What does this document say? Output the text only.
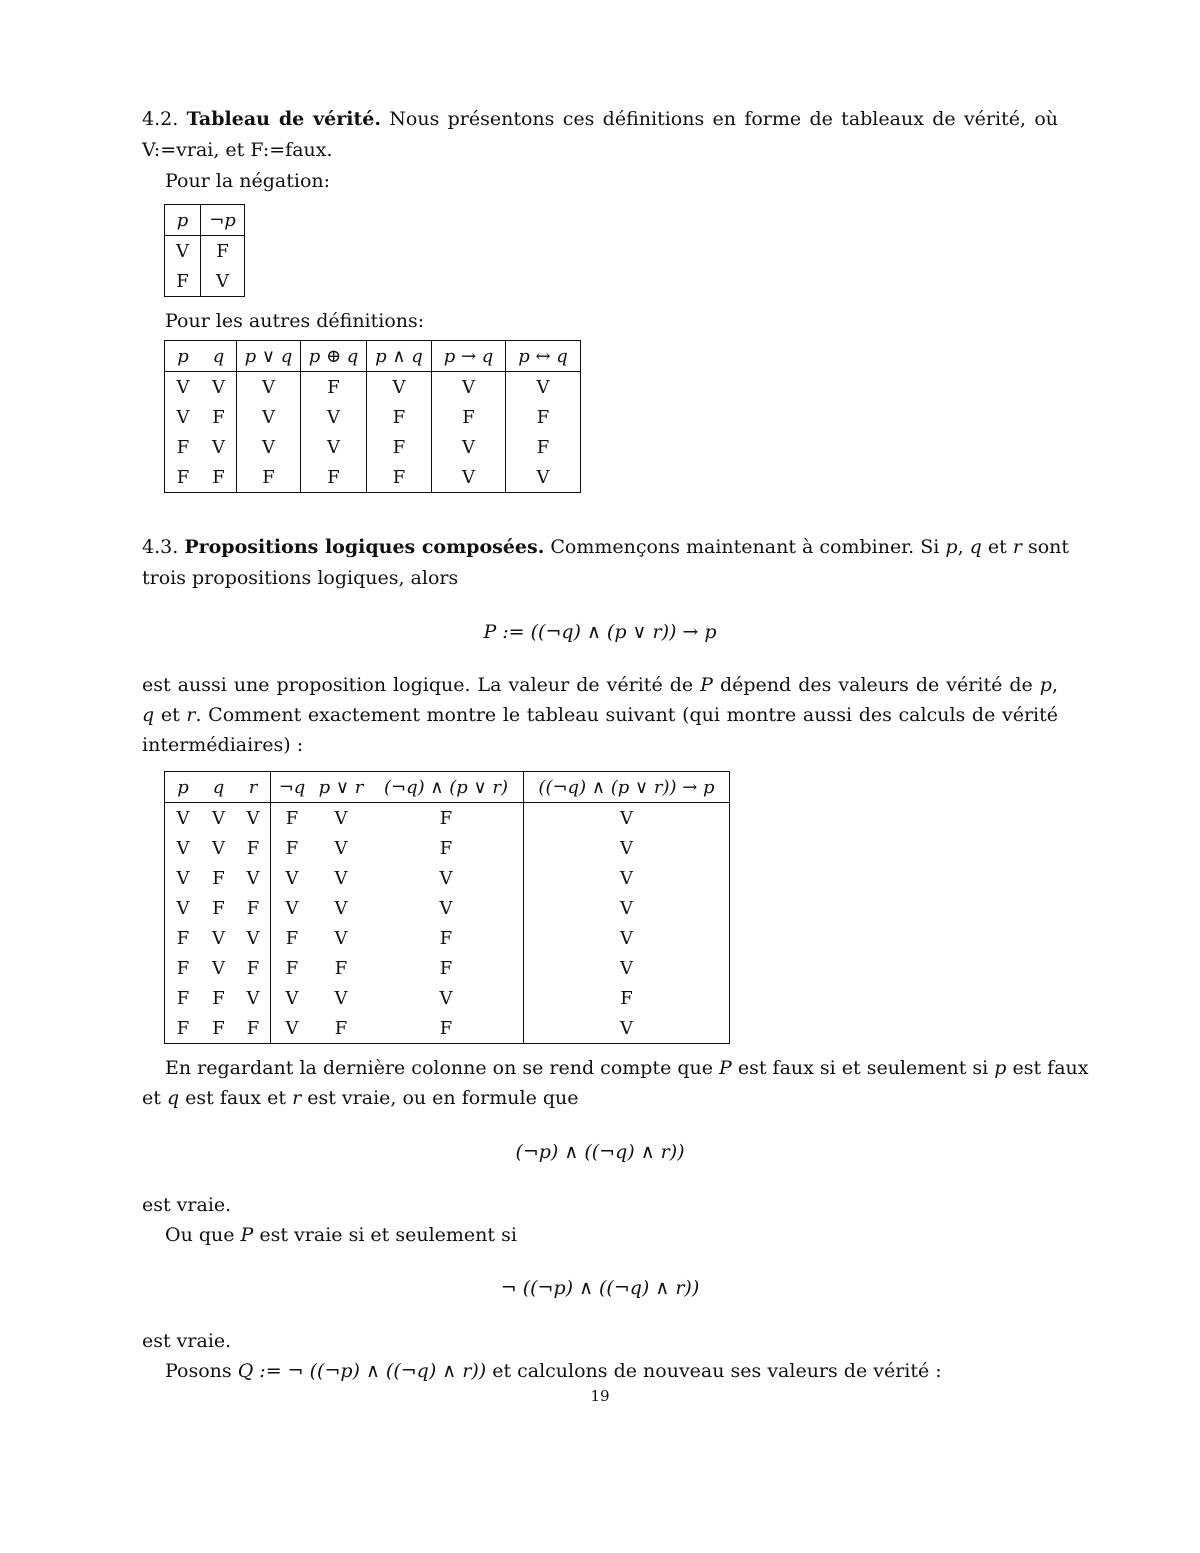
4.2. Tableau de vérité. Nous présentons ces définitions en forme de tableaux de vérité, où
V:=vrai, et F:=faux.
Pour la négation:
p	¬p
V	F
F	V
Pour les autres définitions:
p	q	p ∨ q	p ⊕ q	p ∧ q	p → q	p ↔ q
V	V	V	F	V	V	V
V	F	V	V	F	F	F
F	V	V	V	F	V	F
F	F	F	F	F	V	V
4.3. Propositions logiques composées. Commençons maintenant à combiner. Si p, q et r sont
trois propositions logiques, alors
P := ((¬q) ∧ (p ∨ r)) → p
est aussi une proposition logique. La valeur de vérité de P dépend des valeurs de vérité de p,
q et r. Comment exactement montre le tableau suivant (qui montre aussi des calculs de vérité
intermédiaires) :
p	q	r	¬q	p ∨ r	(¬q) ∧ (p ∨ r)	((¬q) ∧ (p ∨ r)) → p
V	V	V	F	V	F	V
V	V	F	F	V	F	V
V	F	V	V	V	V	V
V	F	F	V	V	V	V
F	V	V	F	V	F	V
F	V	F	F	F	F	V
F	F	V	V	V	V	F
F	F	F	V	F	F	V
En regardant la dernière colonne on se rend compte que P est faux si et seulement si p est faux
et q est faux et r est vraie, ou en formule que
(¬p) ∧ ((¬q) ∧ r))
est vraie.
Ou que P est vraie si et seulement si
¬ ((¬p) ∧ ((¬q) ∧ r))
est vraie.
Posons Q := ¬ ((¬p) ∧ ((¬q) ∧ r)) et calculons de nouveau ses valeurs de vérité :
19
